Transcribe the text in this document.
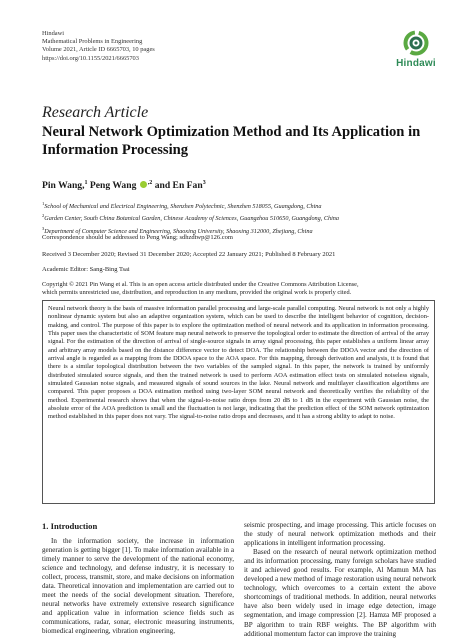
Hindawi
Mathematical Problems in Engineering
Volume 2021, Article ID 6665703, 10 pages
https://doi.org/10.1155/2021/6665703	Hindawi
Research Article
Neural Network Optimization Method and Its Application in
Information Processing
Pin Wang,$^1$ Peng Wang $^{,2}$ and En Fan$^3$
$^1$School of Mechanical and Electrical Engineering, Shenzhen Polytechnic, Shenzhen 518055, Guangdong, China
$^2$Garden Center, South China Botanical Garden, Chinese Academy of Sciences, Guangzhou 510650, Guangdong, China
$^3$Department of Computer Science and Engineering, Shaoxing University, Shaoxing 312000, Zhejiang, China
Correspondence should be addressed to Peng Wang; sdhzdtwp@126.com
Received 3 December 2020; Revised 31 December 2020; Accepted 22 January 2021; Published 8 February 2021
Academic Editor: Sang-Bing Tsai
Copyright © 2021 Pin Wang et al. This is an open access article distributed under the Creative Commons Attribution License,
which permits unrestricted use, distribution, and reproduction in any medium, provided the original work is properly cited.
Neural network theory is the basis of massive information parallel processing and large-scale parallel computing. Neural network is not only a highly nonlinear dynamic system but also an adaptive organization system, which can be used to describe the intelligent behavior of cognition, decision-making, and control. The purpose of this paper is to explore the optimization method of neural network and its application in information processing. This paper uses the characteristic of SOM feature map neural network to preserve the topological order to estimate the direction of arrival of the array signal. For the estimation of the direction of arrival of single-source signals in array signal processing, this paper establishes a uniform linear array and arbitrary array models based on the distance difference vector to detect DOA. The relationship between the DDOA vector and the direction of arrival angle is regarded as a mapping from the DDOA space to the AOA space. For this mapping, through derivation and analysis, it is found that there is a similar topological distribution between the two variables of the sampled signal. In this paper, the network is trained by uniformly distributed simulated source signals, and then the trained network is used to perform AOA estimation effect tests on simulated noiseless signals, simulated Gaussian noise signals, and measured signals of sound sources in the lake. Neural network and multilayer classification algorithms are compared. This paper proposes a DOA estimation method using two-layer SOM neural network and theoretically verifies the reliability of the method. Experimental research shows that when the signal-to-noise ratio drops from 20 dB to 1 dB in the experiment with Gaussian noise, the absolute error of the AOA prediction is small and the fluctuation is not large, indicating that the prediction effect of the SOM network optimization method established in this paper does not vary. The signal-to-noise ratio drops and decreases, and it has a strong ability to adapt to noise.
1. Introduction

In the information society, the increase in information generation is getting bigger [1]. To make information available in a timely manner to serve the development of the national economy, science and technology, and defense industry, it is necessary to collect, process, transmit, store, and make decisions on information data. Theoretical innovation and implementation are carried out to meet the needs of the social development situation. Therefore, neural networks have extremely extensive research significance and application value in information science fields such as communications, radar, sonar, electronic measuring instruments, biomedical engineering, vibration engineering,

seismic prospecting, and image processing. This article focuses on the study of neural network optimization methods and their applications in intelligent information processing.

Based on the research of neural network optimization method and its information processing, many foreign scholars have studied it and achieved good results. For example, Al Mamun MA has developed a new method of image restoration using neural network technology, which overcomes to a certain extent the above shortcomings of traditional methods. In addition, neural networks have also been widely used in image edge detection, image segmentation, and image compression [2]. Hamza MF proposed a BP algorithm to train RBF weights. The BP algorithm with additional momentum factor can improve the training
